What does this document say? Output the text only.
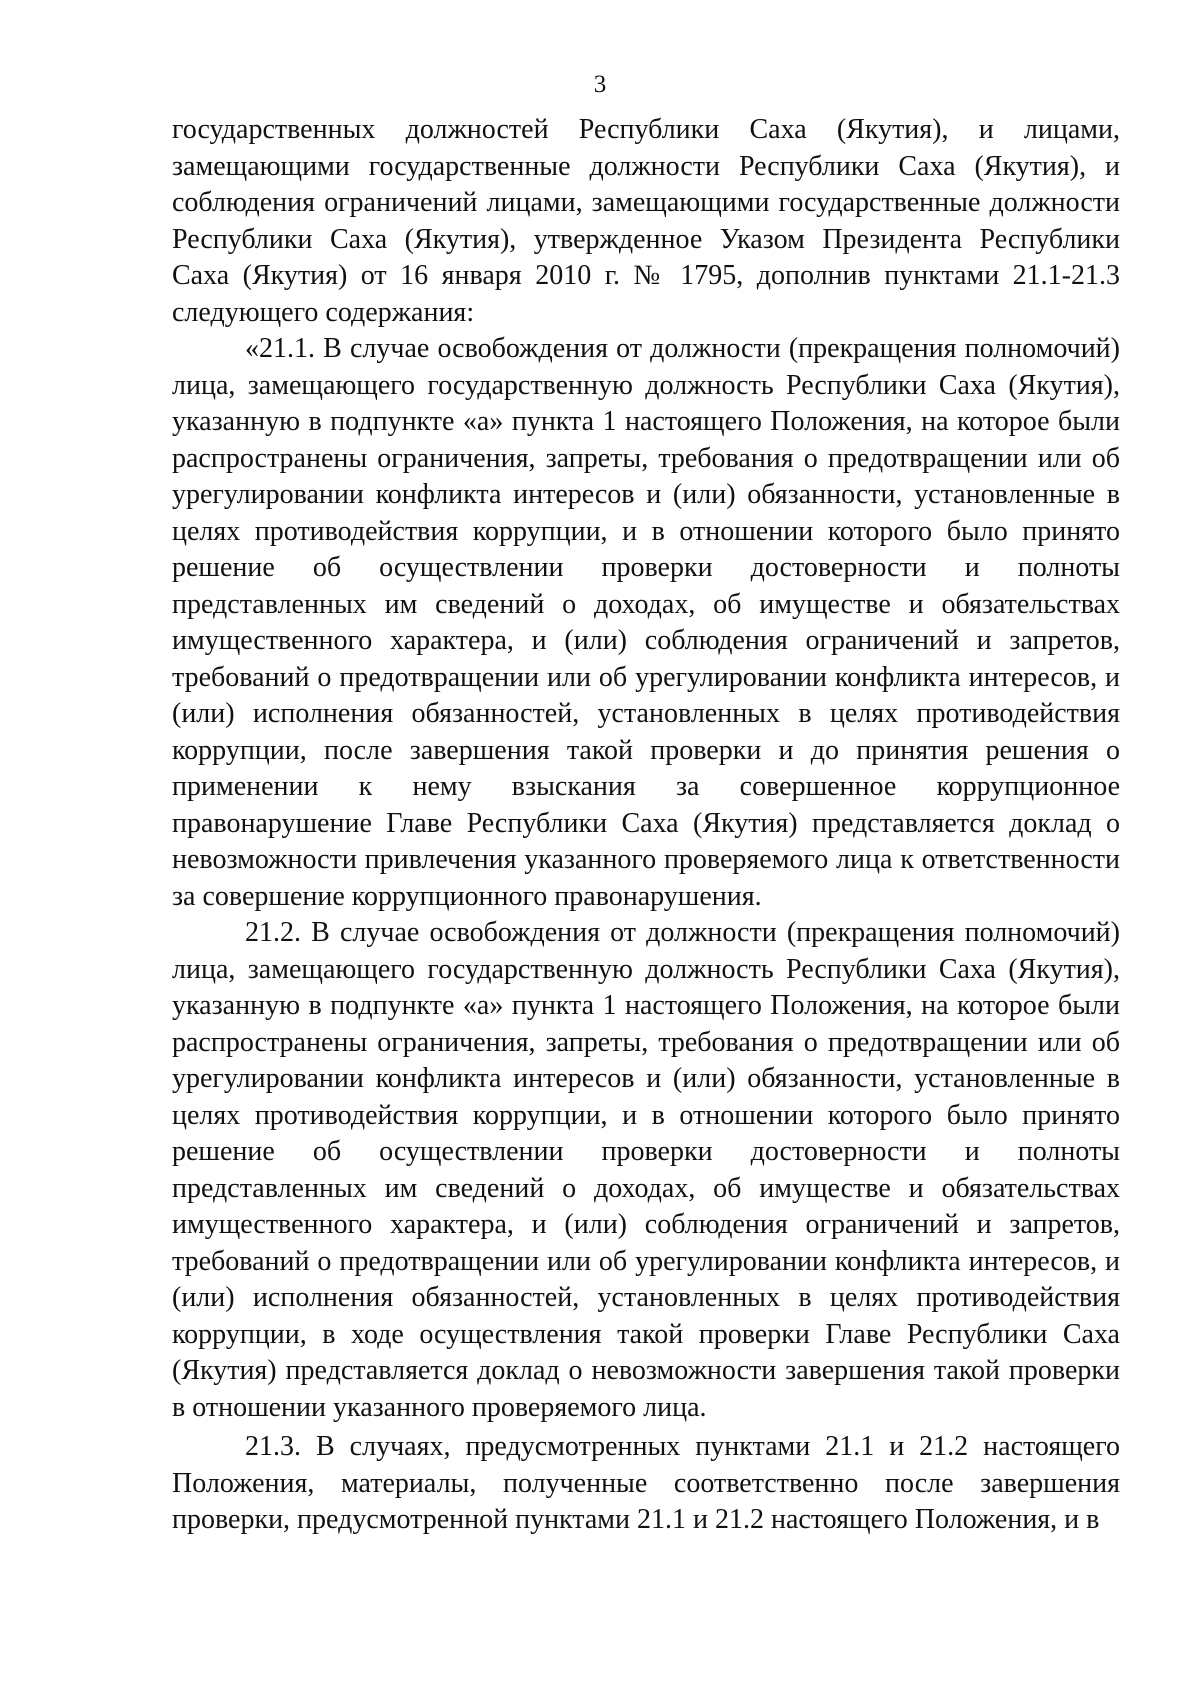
3

государственных должностей Республики Саха (Якутия), и лицами, замещающими государственные должности Республики Саха (Якутия), и соблюдения ограничений лицами, замещающими государственные должности Республики Саха (Якутия), утвержденное Указом Президента Республики Саха (Якутия) от 16 января 2010 г. № 1795, дополнив пунктами 21.1-21.3 следующего содержания:

«21.1. В случае освобождения от должности (прекращения полномочий) лица, замещающего государственную должность Республики Саха (Якутия), указанную в подпункте «а» пункта 1 настоящего Положения, на которое были распространены ограничения, запреты, требования о предотвращении или об урегулировании конфликта интересов и (или) обязанности, установленные в целях противодействия коррупции, и в отношении которого было принято решение об осуществлении проверки достоверности и полноты представленных им сведений о доходах, об имуществе и обязательствах имущественного характера, и (или) соблюдения ограничений и запретов, требований о предотвращении или об урегулировании конфликта интересов, и (или) исполнения обязанностей, установленных в целях противодействия коррупции, после завершения такой проверки и до принятия решения о применении к нему взыскания за совершенное коррупционное правонарушение Главе Республики Саха (Якутия) представляется доклад о невозможности привлечения указанного проверяемого лица к ответственности за совершение коррупционного правонарушения.

21.2. В случае освобождения от должности (прекращения полномочий) лица, замещающего государственную должность Республики Саха (Якутия), указанную в подпункте «а» пункта 1 настоящего Положения, на которое были распространены ограничения, запреты, требования о предотвращении или об урегулировании конфликта интересов и (или) обязанности, установленные в целях противодействия коррупции, и в отношении которого было принято решение об осуществлении проверки достоверности и полноты представленных им сведений о доходах, об имуществе и обязательствах имущественного характера, и (или) соблюдения ограничений и запретов, требований о предотвращении или об урегулировании конфликта интересов, и (или) исполнения обязанностей, установленных в целях противодействия коррупции, в ходе осуществления такой проверки Главе Республики Саха (Якутия) представляется доклад о невозможности завершения такой проверки в отношении указанного проверяемого лица.

21.3. В случаях, предусмотренных пунктами 21.1 и 21.2 настоящего Положения, материалы, полученные соответственно после завершения проверки, предусмотренной пунктами 21.1 и 21.2 настоящего Положения, и в
